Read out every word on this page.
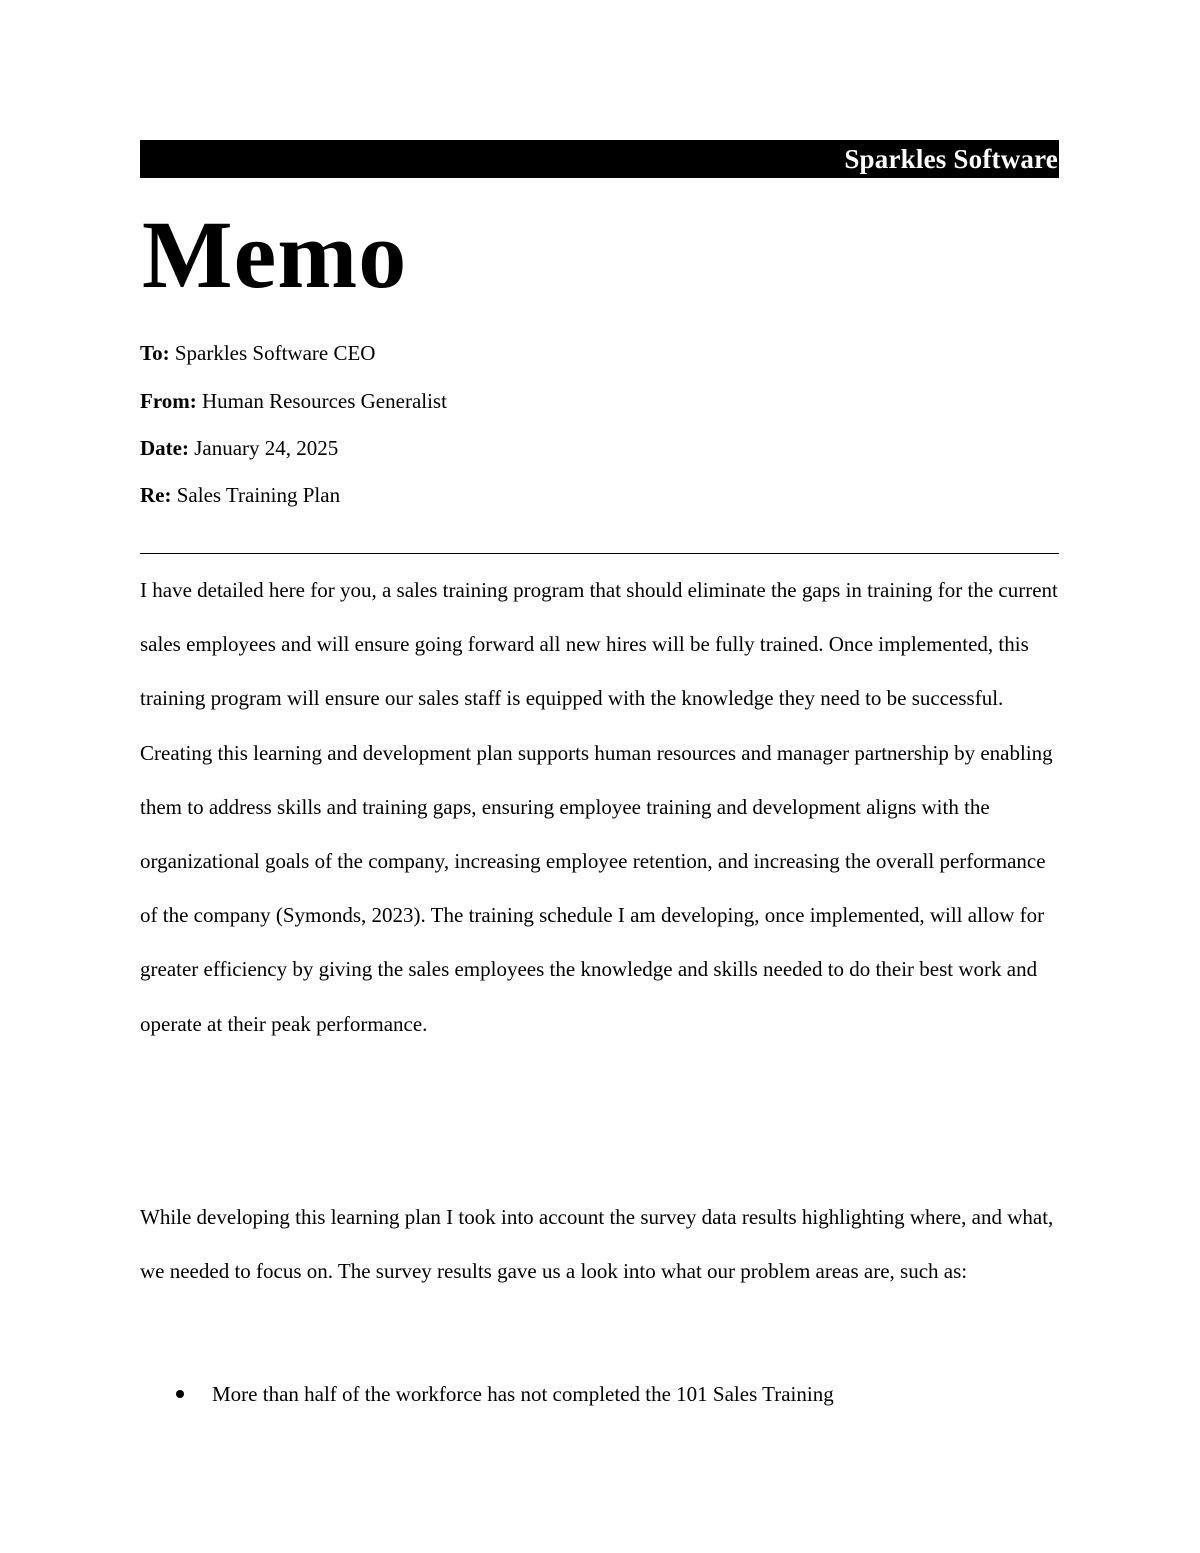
Sparkles Software
Memo
To: Sparkles Software CEO
From: Human Resources Generalist
Date: January 24, 2025
Re: Sales Training Plan

I have detailed here for you, a sales training program that should eliminate the gaps in training for the current sales employees and will ensure going forward all new hires will be fully trained. Once implemented, this training program will ensure our sales staff is equipped with the knowledge they need to be successful. Creating this learning and development plan supports human resources and manager partnership by enabling them to address skills and training gaps, ensuring employee training and development aligns with the organizational goals of the company, increasing employee retention, and increasing the overall performance of the company (Symonds, 2023). The training schedule I am developing, once implemented, will allow for greater efficiency by giving the sales employees the knowledge and skills needed to do their best work and operate at their peak performance.

While developing this learning plan I took into account the survey data results highlighting where, and what, we needed to focus on. The survey results gave us a look into what our problem areas are, such as:

More than half of the workforce has not completed the 101 Sales Training
